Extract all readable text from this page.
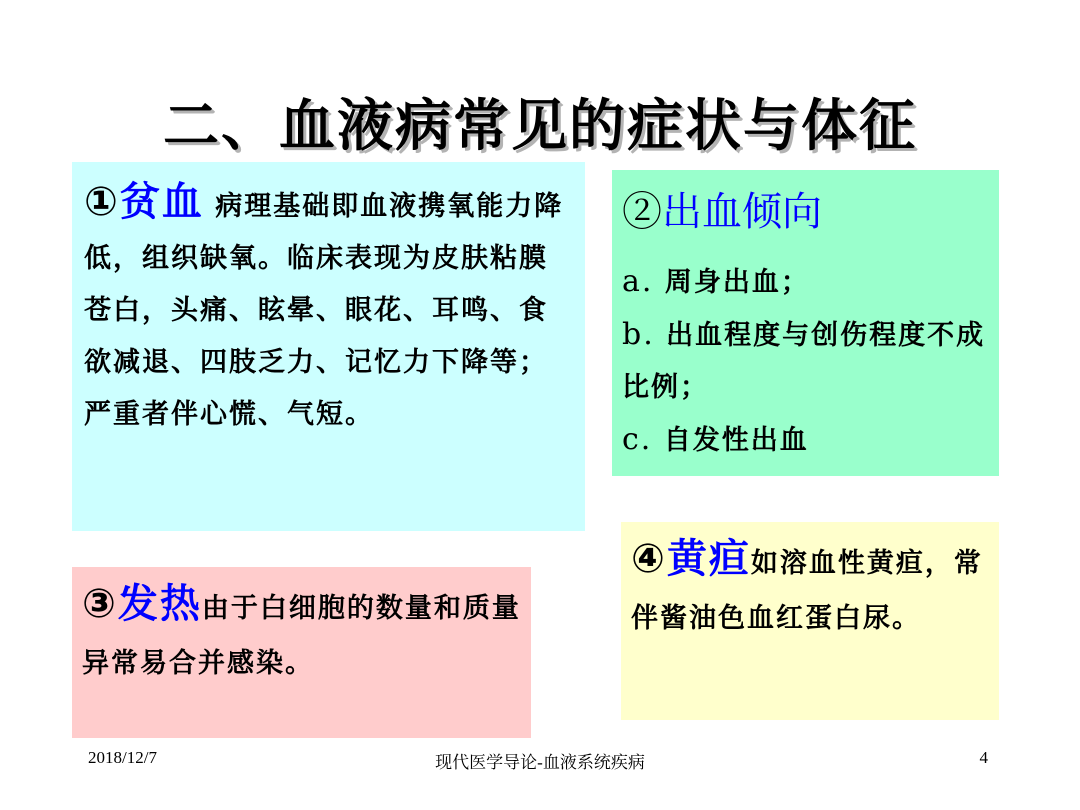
二、血液病常见的症状与体征

①贫血 病理基础即血液携氧能力降低，组织缺氧。临床表现为皮肤粘膜苍白，头痛、眩晕、眼花、耳鸣、食欲减退、四肢乏力、记忆力下降等；严重者伴心慌、气短。

②出血倾向

a. 周身出血；

b. 出血程度与创伤程度不成比例；

c. 自发性出血

③发热由于白细胞的数量和质量异常易合并感染。

④黄疸如溶血性黄疸，常伴酱油色血红蛋白尿。

2018/12/7	现代医学导论-血液系统疾病	4
